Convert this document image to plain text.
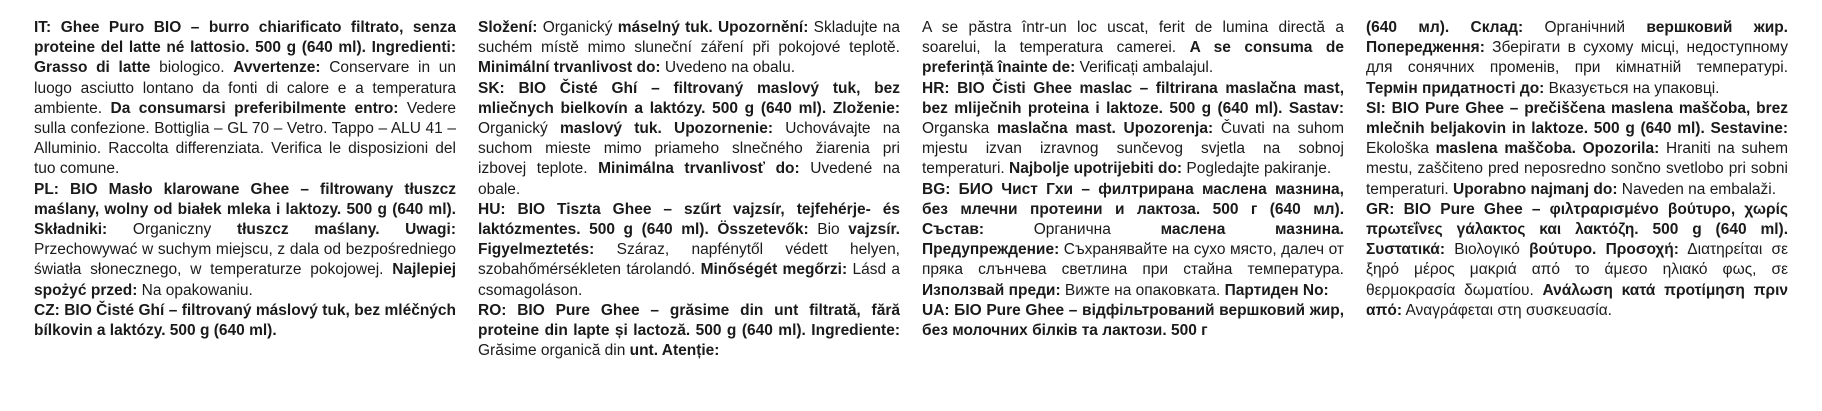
IT: Ghee Puro BIO – burro chiarificato filtrato, senza proteine del latte né lattosio. 500 g (640 ml). Ingredienti: Grasso di latte biologico. Avvertenze: Conservare in un luogo asciutto lontano da fonti di calore e a temperatura ambiente. Da consumarsi preferibilmente entro: Vedere sulla confezione. Bottiglia – GL 70 – Vetro. Tappo – ALU 41 – Alluminio. Raccolta differenziata. Verifica le disposizioni del tuo comune.

PL: BIO Masło klarowane Ghee – filtrowany tłuszcz maślany, wolny od białek mleka i laktozy. 500 g (640 ml). Składniki: Organiczny tłuszcz maślany. Uwagi: Przechowywać w suchym miejscu, z dala od bezpośredniego światła słonecznego, w temperaturze pokojowej. Najlepiej spożyć przed: Na opakowaniu.

CZ: BIO Čisté Ghí – filtrovaný máslový tuk, bez mléčných bílkovin a laktózy. 500 g (640 ml).

Složení: Organický máselný tuk. Upozornění: Skladujte na suchém místě mimo sluneční záření při pokojové teplotě. Minimální trvanlivost do: Uvedeno na obalu.

SK: BIO Čisté Ghí – filtrovaný maslový tuk, bez mliečnych bielkovín a laktózy. 500 g (640 ml). Zloženie: Organický maslový tuk. Upozornenie: Uchovávajte na suchom mieste mimo priameho slnečného žiarenia pri izbovej teplote. Minimálna trvanlivosť do: Uvedené na obale.

HU: BIO Tiszta Ghee – szűrt vajzsír, tejfehérje- és laktózmentes. 500 g (640 ml). Összetevők: Bio vajzsír. Figyelmeztetés: Száraz, napfénytől védett helyen, szobahőmérsékleten tárolandó. Minőségét megőrzi: Lásd a csomagoláson.

RO: BIO Pure Ghee – grăsime din unt filtrată, fără proteine din lapte și lactoză. 500 g (640 ml). Ingrediente: Grăsime organică din unt. Atenție:

A se păstra într-un loc uscat, ferit de lumina directă a soarelui, la temperatura camerei. A se consuma de preferință înainte de: Verificați ambalajul.

HR: BIO Čisti Ghee maslac – filtrirana maslačna mast, bez mliječnih proteina i laktoze. 500 g (640 ml). Sastav: Organska maslačna mast. Upozorenja: Čuvati na suhom mjestu izvan izravnog sunčevog svjetla na sobnoj temperaturi. Najbolje upotrijebiti do: Pogledajte pakiranje.

BG: БИО Чист Гхи – филтрирана маслена мазнина, без млечни протеини и лактоза. 500 г (640 мл). Състав: Органична маслена мазнина. Предупреждение: Съхранявайте на сухо място, далеч от пряка слънчева светлина при стайна температура. Използвай преди: Вижте на опаковката. Партиден No:

UA: БІО Pure Ghee – відфільтрований вершковий жир, без молочних білків та лактози. 500 г

(640 мл). Склад: Органічний вершковий жир. Попередження: Зберігати в сухому місці, недоступному для сонячних променів, при кімнатній температурі. Термін придатності до: Вказується на упаковці.

SI: BIO Pure Ghee – prečiščena maslena maščoba, brez mlečnih beljakovin in laktoze. 500 g (640 ml). Sestavine: Ekološka maslena maščoba. Opozorila: Hraniti na suhem mestu, zaščiteno pred neposredno sončno svetlobo pri sobni temperaturi. Uporabno najmanj do: Naveden na embalaži.

GR: BIO Pure Ghee – φιλτραρισμένο βούτυρο, χωρίς πρωτεΐνες γάλακτος και λακτόζη. 500 g (640 ml). Συστατικά: Βιολογικό βούτυρο. Προσοχή: Διατηρείται σε ξηρό μέρος μακριά από το άμεσο ηλιακό φως, σε θερμοκρασία δωματίου. Ανάλωση κατά προτίμηση πριν από: Αναγράφεται στη συσκευασία.
